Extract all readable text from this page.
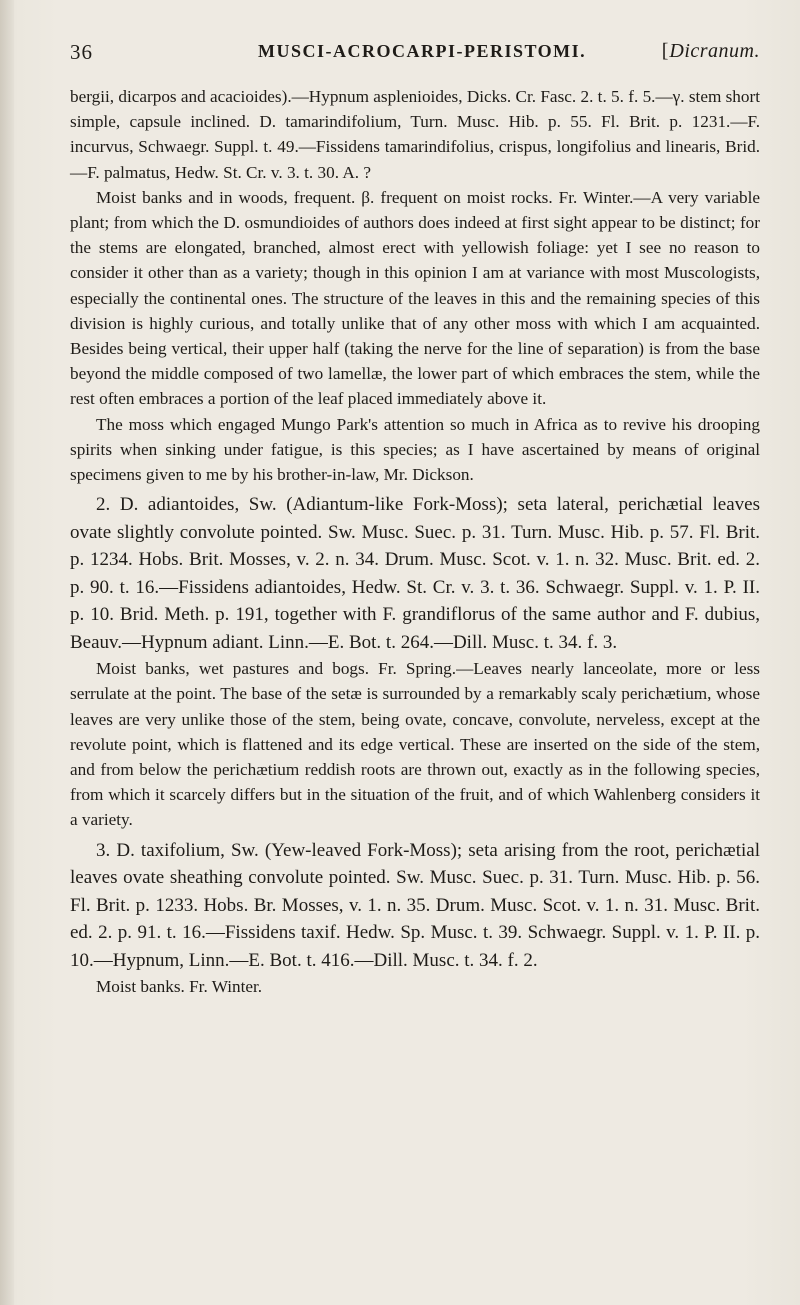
36	MUSCI-ACROCARPI-PERISTOMI.	[Dicranum.

bergii, dicarpos and acacioides).—Hypnum asplenioides, Dicks. Cr. Fasc. 2. t. 5. f. 5.—γ. stem short simple, capsule inclined. D. tamarindifolium, Turn. Musc. Hib. p. 55. Fl. Brit. p. 1231.—F. incurvus, Schwaegr. Suppl. t. 49.—Fissidens tamarindifolius, crispus, longifolius and linearis, Brid.—F. palmatus, Hedw. St. Cr. v. 3. t. 30. A. ?

Moist banks and in woods, frequent. β. frequent on moist rocks. Fr. Winter.—A very variable plant; from which the D. osmundioides of authors does indeed at first sight appear to be distinct; for the stems are elongated, branched, almost erect with yellowish foliage: yet I see no reason to consider it other than as a variety; though in this opinion I am at variance with most Muscologists, especially the continental ones. The structure of the leaves in this and the remaining species of this division is highly curious, and totally unlike that of any other moss with which I am acquainted. Besides being vertical, their upper half (taking the nerve for the line of separation) is from the base beyond the middle composed of two lamellæ, the lower part of which embraces the stem, while the rest often embraces a portion of the leaf placed immediately above it.

The moss which engaged Mungo Park's attention so much in Africa as to revive his drooping spirits when sinking under fatigue, is this species; as I have ascertained by means of original specimens given to me by his brother-in-law, Mr. Dickson.

2. D. adiantoides, Sw. (Adiantum-like Fork-Moss); seta lateral, perichætial leaves ovate slightly convolute pointed. Sw. Musc. Suec. p. 31. Turn. Musc. Hib. p. 57. Fl. Brit. p. 1234. Hobs. Brit. Mosses, v. 2. n. 34. Drum. Musc. Scot. v. 1. n. 32. Musc. Brit. ed. 2. p. 90. t. 16.—Fissidens adiantoides, Hedw. St. Cr. v. 3. t. 36. Schwaegr. Suppl. v. 1. P. II. p. 10. Brid. Meth. p. 191, together with F. grandiflorus of the same author and F. dubius, Beauv.—Hypnum adiant. Linn.—E. Bot. t. 264.—Dill. Musc. t. 34. f. 3.

Moist banks, wet pastures and bogs. Fr. Spring.—Leaves nearly lanceolate, more or less serrulate at the point. The base of the setæ is surrounded by a remarkably scaly perichætium, whose leaves are very unlike those of the stem, being ovate, concave, convolute, nerveless, except at the revolute point, which is flattened and its edge vertical. These are inserted on the side of the stem, and from below the perichætium reddish roots are thrown out, exactly as in the following species, from which it scarcely differs but in the situation of the fruit, and of which Wahlenberg considers it a variety.

3. D. taxifolium, Sw. (Yew-leaved Fork-Moss); seta arising from the root, perichætial leaves ovate sheathing convolute pointed. Sw. Musc. Suec. p. 31. Turn. Musc. Hib. p. 56. Fl. Brit. p. 1233. Hobs. Br. Mosses, v. 1. n. 35. Drum. Musc. Scot. v. 1. n. 31. Musc. Brit. ed. 2. p. 91. t. 16.—Fissidens taxif. Hedw. Sp. Musc. t. 39. Schwaegr. Suppl. v. 1. P. II. p. 10.—Hypnum, Linn.—E. Bot. t. 416.—Dill. Musc. t. 34. f. 2.

Moist banks. Fr. Winter.
